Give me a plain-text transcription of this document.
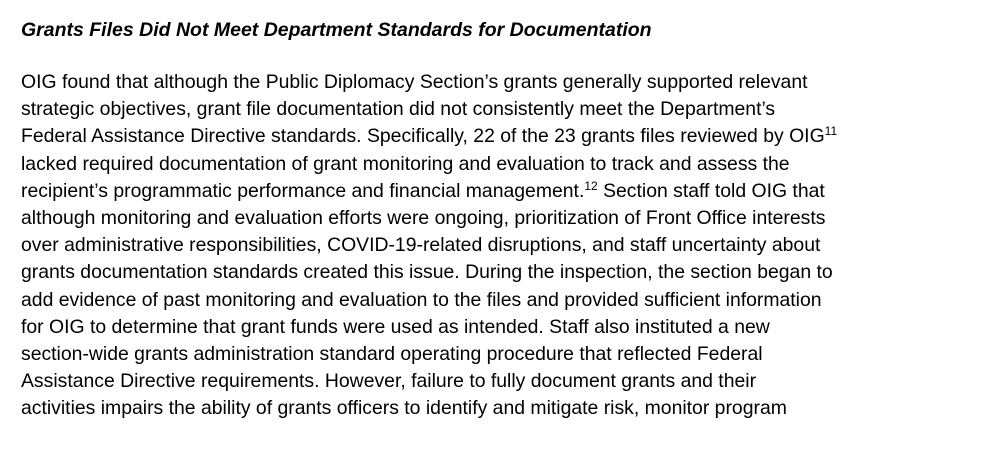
Grants Files Did Not Meet Department Standards for Documentation
OIG found that although the Public Diplomacy Section’s grants generally supported relevant
strategic objectives, grant file documentation did not consistently meet the Department’s
Federal Assistance Directive standards. Specifically, 22 of the 23 grants files reviewed by OIG$^{11}$
lacked required documentation of grant monitoring and evaluation to track and assess the
recipient’s programmatic performance and financial management.$^{12}$ Section staff told OIG that
although monitoring and evaluation efforts were ongoing, prioritization of Front Office interests
over administrative responsibilities, COVID-19-related disruptions, and staff uncertainty about
grants documentation standards created this issue. During the inspection, the section began to
add evidence of past monitoring and evaluation to the files and provided sufficient information
for OIG to determine that grant funds were used as intended. Staff also instituted a new
section-wide grants administration standard operating procedure that reflected Federal
Assistance Directive requirements. However, failure to fully document grants and their
activities impairs the ability of grants officers to identify and mitigate risk, monitor program
